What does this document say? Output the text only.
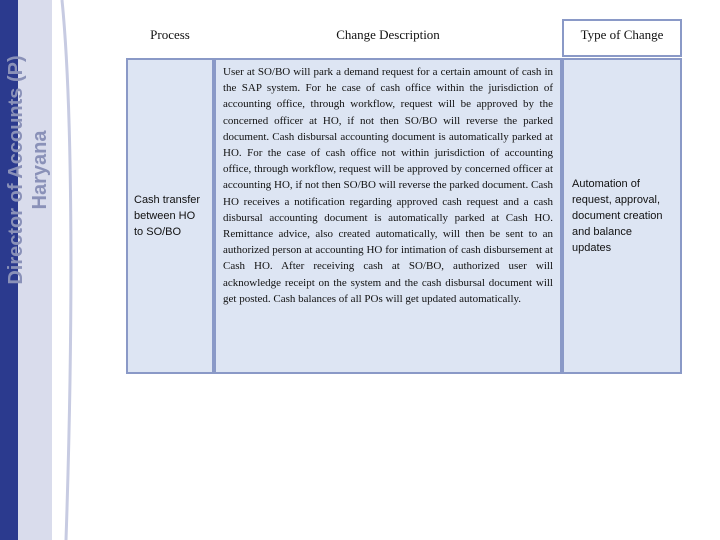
Director of Accounts (P) Haryana
Process	Change Description	Type of Change
Cash transfer between HO to SO/BO
User at SO/BO will park a demand request for a certain amount of cash in the SAP system. For he case of cash office within the jurisdiction of accounting office, through workflow, request will be approved by the concerned officer at HO, if not then SO/BO will reverse the parked document. Cash disbursal accounting document is automatically parked at HO. For the case of cash office not within jurisdiction of accounting office, through workflow, request will be approved by concerned officer at accounting HO, if not then SO/BO will reverse the parked document. Cash HO receives a notification regarding approved cash request and a cash disbursal accounting document is automatically parked at Cash HO. Remittance advice, also created automatically, will then be sent to an authorized person at accounting HO for intimation of cash disbursement at Cash HO. After receiving cash at SO/BO, authorized user will acknowledge receipt on the system and the cash disbursal document will get posted. Cash balances of all POs will get updated automatically.
Automation of request, approval, document creation and balance updates
